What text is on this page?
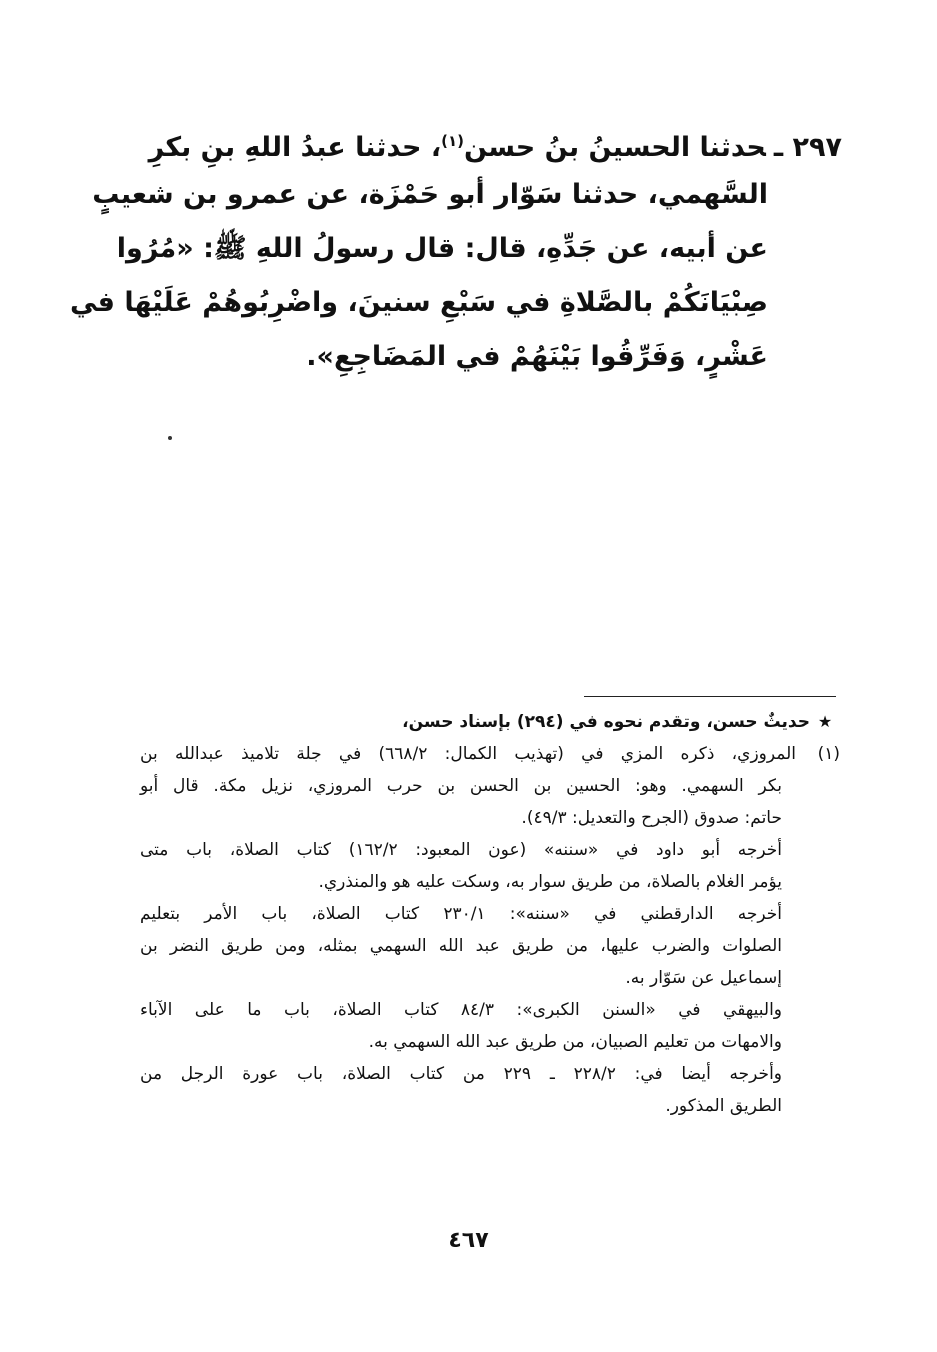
٢٩٧ ـحدثنا الحسينُ بنُ حسن$^{(١)}$، حدثنا عبدُ اللهِ بنِ بكرِ
السَّهمي، حدثنا سَوّار أبو حَمْزَة، عن عمرو بن شعيبٍ
عن أبيه، عن جَدِّهِ، قال: قال رسولُ اللهِ ﷺ: «مُرُوا
صِبْيَانَكُمْ بالصَّلاةِ في سَبْعِ سنينَ، واضْرِبُوهُمْ عَلَيْهَا في
عَشْرٍ، وَفَرِّقُوا بَيْنَهُمْ في المَضَاجِعِ».
★حديثٌ حسن، وتقدم نحوه في (٢٩٤) بإسناد حسن،
(١)المروزي، ذكره المزي في (تهذيب الكمال: ٦٦٨/٢) في جلة تلاميذ عبدالله بن
بكر السهمي. وهو: الحسين بن الحسن بن حرب المروزي، نزيل مكة. قال أبو
حاتم: صدوق (الجرح والتعديل: ٤٩/٣).
أخرجه أبو داود في «سننه» (عون المعبود: ١٦٢/٢) كتاب الصلاة، باب متى
يؤمر الغلام بالصلاة، من طريق سوار به، وسكت عليه هو والمنذري.
أخرجه الدارقطني في «سننه»: ٢٣٠/١ كتاب الصلاة، باب الأمر بتعليم
الصلوات والضرب عليها، من طريق عبد الله السهمي بمثله، ومن طريق النضر بن
إسماعيل عن سَوّار به.
والبيهقي في «السنن الكبرى»: ٨٤/٣ كتاب الصلاة، باب ما على الآباء
والامهات من تعليم الصبيان، من طريق عبد الله السهمي به.
وأخرجه أيضا في: ٢٢٨/٢ ـ ٢٢٩ من كتاب الصلاة، باب عورة الرجل من
الطريق المذكور.
٤٦٧
